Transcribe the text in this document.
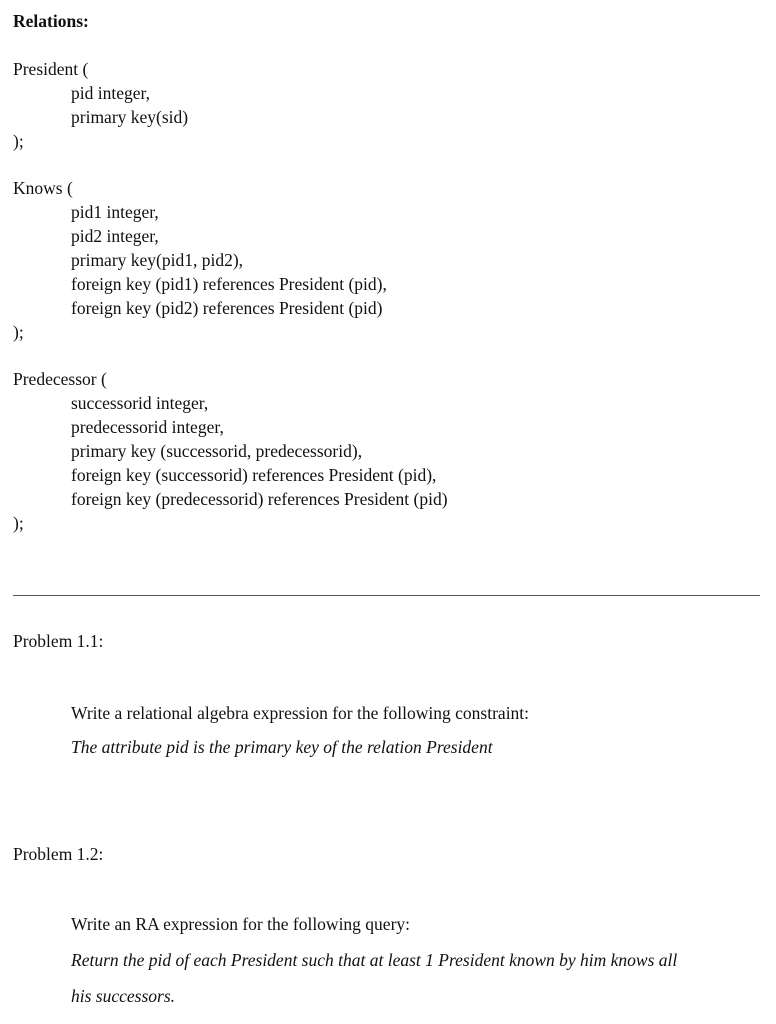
Relations:
President (
pid integer,
primary key(sid)
);
Knows (
pid1 integer,
pid2 integer,
primary key(pid1, pid2),
foreign key (pid1) references President (pid),
foreign key (pid2) references President (pid)
);
Predecessor (
successorid integer,
predecessorid integer,
primary key (successorid, predecessorid),
foreign key (successorid) references President (pid),
foreign key (predecessorid) references President (pid)
);
Problem 1.1:
Write a relational algebra expression for the following constraint:
The attribute pid is the primary key of the relation President
Problem 1.2:
Write an RA expression for the following query:
Return the pid of each President such that at least 1 President known by him knows all
his successors.
